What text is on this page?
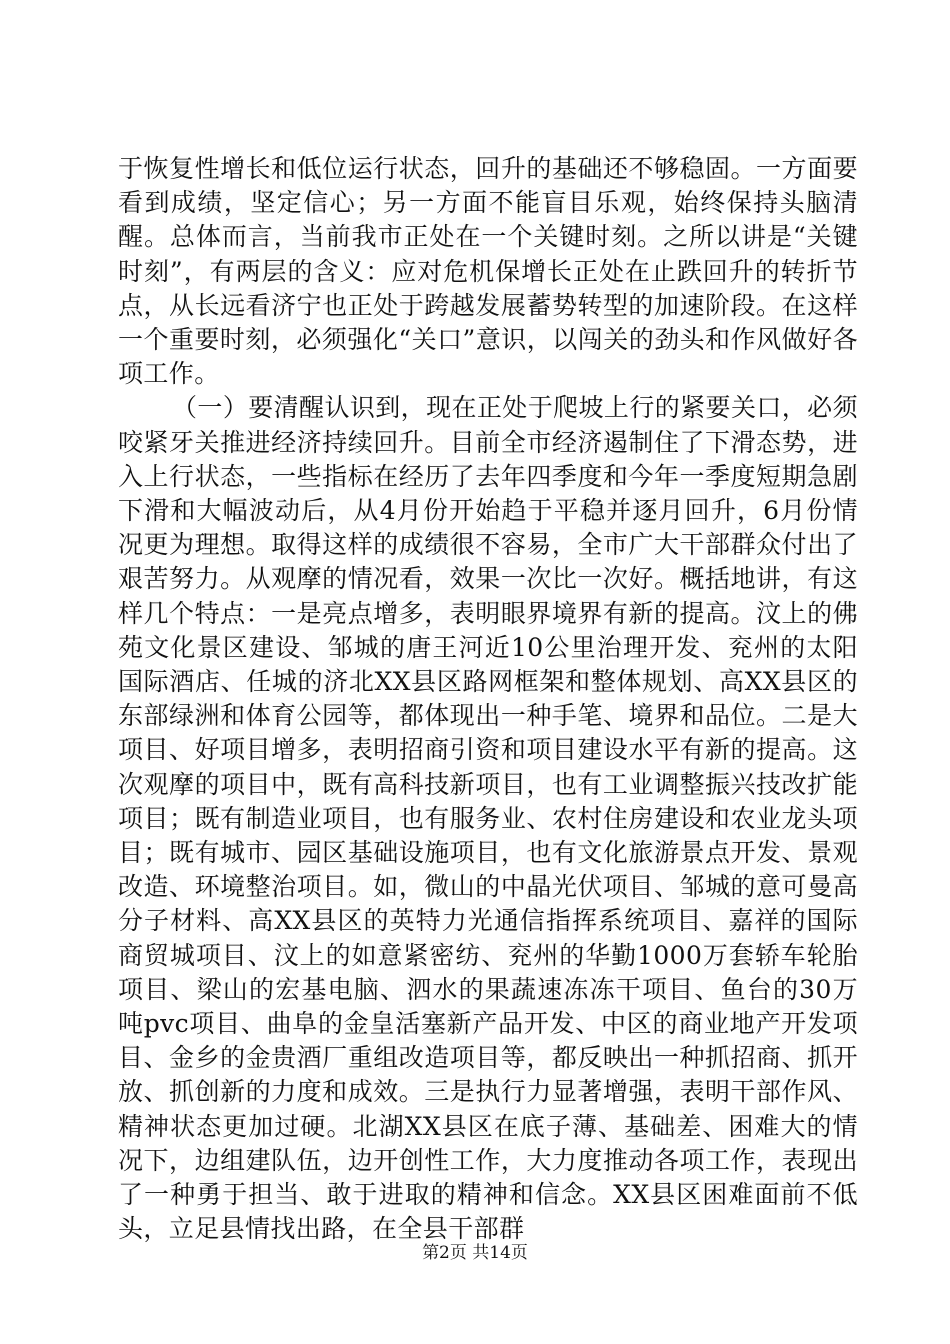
于恢复性增长和低位运行状态，回升的基础还不够稳固。一方面要看到成绩，坚定信心；另一方面不能盲目乐观，始终保持头脑清醒。总体而言，当前我市正处在一个关键时刻。之所以讲是“关键时刻”，有两层的含义：应对危机保增长正处在止跌回升的转折节点，从长远看济宁也正处于跨越发展蓄势转型的加速阶段。在这样一个重要时刻，必须强化“关口”意识，以闯关的劲头和作风做好各项工作。

（一）要清醒认识到，现在正处于爬坡上行的紧要关口，必须咬紧牙关推进经济持续回升。目前全市经济遏制住了下滑态势，进入上行状态，一些指标在经历了去年四季度和今年一季度短期急剧下滑和大幅波动后，从4月份开始趋于平稳并逐月回升，6月份情况更为理想。取得这样的成绩很不容易，全市广大干部群众付出了艰苦努力。从观摩的情况看，效果一次比一次好。概括地讲，有这样几个特点：一是亮点增多，表明眼界境界有新的提高。汶上的佛苑文化景区建设、邹城的唐王河近10公里治理开发、兖州的太阳国际酒店、任城的济北XX县区路网框架和整体规划、高XX县区的东部绿洲和体育公园等，都体现出一种手笔、境界和品位。二是大项目、好项目增多，表明招商引资和项目建设水平有新的提高。这次观摩的项目中，既有高科技新项目，也有工业调整振兴技改扩能项目；既有制造业项目，也有服务业、农村住房建设和农业龙头项目；既有城市、园区基础设施项目，也有文化旅游景点开发、景观改造、环境整治项目。如，微山的中晶光伏项目、邹城的意可曼高分子材料、高XX县区的英特力光通信指挥系统项目、嘉祥的国际商贸城项目、汶上的如意紧密纺、兖州的华勤1000万套轿车轮胎项目、梁山的宏基电脑、泗水的果蔬速冻冻干项目、鱼台的30万吨pvc项目、曲阜的金皇活塞新产品开发、中区的商业地产开发项目、金乡的金贵酒厂重组改造项目等，都反映出一种抓招商、抓开放、抓创新的力度和成效。三是执行力显著增强，表明干部作风、精神状态更加过硬。北湖XX县区在底子薄、基础差、困难大的情况下，边组建队伍，边开创性工作，大力度推动各项工作，表现出了一种勇于担当、敢于进取的精神和信念。XX县区困难面前不低头，立足县情找出路，在全县干部群

第2页 共14页
